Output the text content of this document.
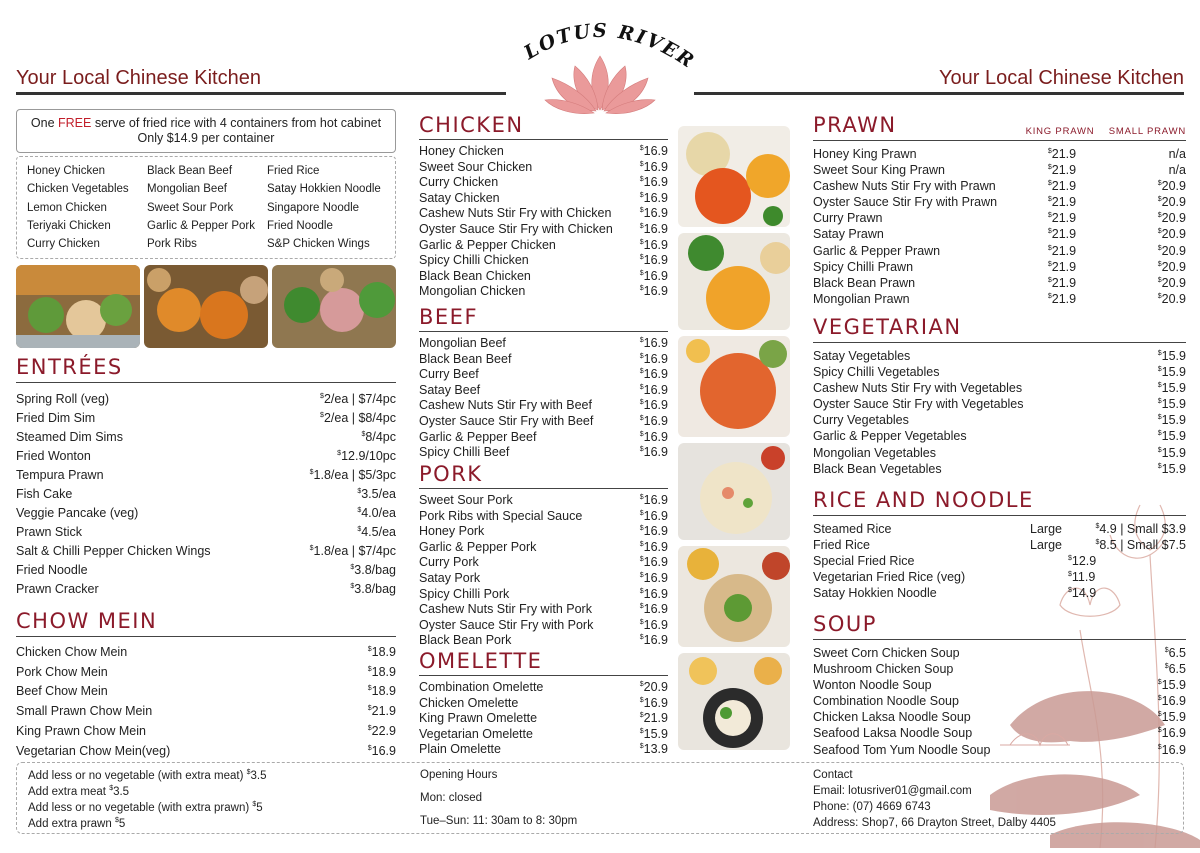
Your Local Chinese Kitchen	Your Local Chinese Kitchen
LOTUS RIVE
One FREE serve of fried rice with 4 containers from hot cabinet
Only $14.9 per container
Honey Chicken	Black Bean Beef	Fried Rice
Chicken Vegetables	Mongolian Beef	Satay Hokkien Noodle
Lemon Chicken	Sweet Sour Pork	Singapore Noodle
Teriyaki Chicken	Garlic & Pepper Pork	Fried Noodle
Curry Chicken	Pork Ribs	S&P Chicken Wings
ENTRÉES
Spring Roll (veg)	$2/ea | $7/4pc
Fried Dim Sim	$2/ea | $8/4pc
Steamed Dim Sims	$8/4pc
Fried Wonton	$12.9/10pc
Tempura Prawn	$1.8/ea | $5/3pc
Fish Cake	$3.5/ea
Veggie Pancake (veg)	$4.0/ea
Prawn Stick	$4.5/ea
Salt & Chilli Pepper Chicken Wings	$1.8/ea | $7/4pc
Fried Noodle	$3.8/bag
Prawn Cracker	$3.8/bag
CHOW MEIN
Chicken Chow Mein	$18.9
Pork Chow Mein	$18.9
Beef Chow Mein	$18.9
Small Prawn Chow Mein	$21.9
King Prawn Chow Mein	$22.9
Vegetarian Chow Mein(veg)	$16.9
CHICKEN
Honey Chicken	$16.9
Sweet Sour Chicken	$16.9
Curry Chicken	$16.9
Satay Chicken	$16.9
Cashew Nuts Stir Fry with Chicken	$16.9
Oyster Sauce Stir Fry with Chicken	$16.9
Garlic & Pepper Chicken	$16.9
Spicy Chilli Chicken	$16.9
Black Bean Chicken	$16.9
Mongolian Chicken	$16.9
BEEF
Mongolian Beef	$16.9
Black Bean Beef	$16.9
Curry Beef	$16.9
Satay Beef	$16.9
Cashew Nuts Stir Fry with Beef	$16.9
Oyster Sauce Stir Fry with Beef	$16.9
Garlic & Pepper Beef	$16.9
Spicy Chilli Beef	$16.9
PORK
Sweet Sour Pork	$16.9
Pork Ribs with Special Sauce	$16.9
Honey Pork	$16.9
Garlic & Pepper Pork	$16.9
Curry Pork	$16.9
Satay Pork	$16.9
Spicy Chilli Pork	$16.9
Cashew Nuts Stir Fry with Pork	$16.9
Oyster Sauce Stir Fry with Pork	$16.9
Black Bean Pork	$16.9
OMELETTE
Combination Omelette	$20.9
Chicken Omelette	$16.9
King Prawn Omelette	$21.9
Vegetarian Omelette	$15.9
Plain Omelette	$13.9
PRAWN	KING PRAWN	SMALL PRAWN
Honey King Prawn	$21.9	n/a
Sweet Sour King Prawn	$21.9	n/a
Cashew Nuts Stir Fry with Prawn	$21.9	$20.9
Oyster Sauce Stir Fry with Prawn	$21.9	$20.9
Curry Prawn	$21.9	$20.9
Satay Prawn	$21.9	$20.9
Garlic & Pepper Prawn	$21.9	$20.9
Spicy Chilli Prawn	$21.9	$20.9
Black Bean Prawn	$21.9	$20.9
Mongolian Prawn	$21.9	$20.9
VEGETARIAN
Satay Vegetables	$15.9
Spicy Chilli Vegetables	$15.9
Cashew Nuts Stir Fry with Vegetables	$15.9
Oyster Sauce Stir Fry with Vegetables	$15.9
Curry Vegetables	$15.9
Garlic & Pepper Vegetables	$15.9
Mongolian Vegetables	$15.9
Black Bean Vegetables	$15.9
RICE AND NOODLE
Steamed Rice	Large	$4.9 | Small $3.9
Fried Rice	Large	$8.5 | Small $7.5
Special Fried Rice	$12.9
Vegetarian Fried Rice (veg)	$11.9
Satay Hokkien Noodle	$14.9
SOUP
Sweet Corn Chicken Soup	$6.5
Mushroom Chicken Soup	$6.5
Wonton Noodle Soup	$15.9
Combination Noodle Soup	$16.9
Chicken Laksa Noodle Soup	$15.9
Seafood Laksa Noodle Soup	$16.9
Seafood Tom Yum Noodle Soup	$16.9
Add less or no vegetable (with extra meat) $3.5
Add extra meat $3.5
Add less or no vegetable (with extra prawn) $5
Add extra prawn $5
Opening Hours
Mon: closed
Tue–Sun: 11: 30am to 8: 30pm
Contact
Email: lotusriver01@gmail.com
Phone: (07) 4669 6743
Address: Shop7, 66 Drayton Street, Dalby 4405
